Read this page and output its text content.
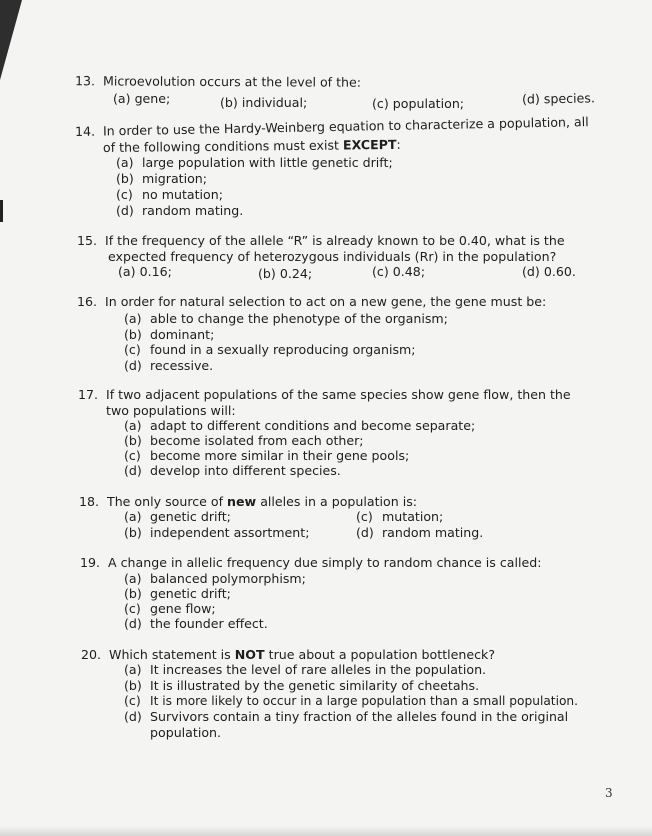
13. Microevolution occurs at the level of the:
(a) gene;	(b) individual;	(c) population;	(d) species.
14. In order to use the Hardy-Weinberg equation to characterize a population, all
of the following conditions must exist EXCEPT:
(a) large population with little genetic drift;
(b) migration;
(c) no mutation;
(d) random mating.
15. If the frequency of the allele “R” is already known to be 0.40, what is the
expected frequency of heterozygous individuals (Rr) in the population?
(a) 0.16;	(b) 0.24;	(c) 0.48;	(d) 0.60.
16. In order for natural selection to act on a new gene, the gene must be:
(a) able to change the phenotype of the organism;
(b) dominant;
(c) found in a sexually reproducing organism;
(d) recessive.
17. If two adjacent populations of the same species show gene flow, then the
two populations will:
(a) adapt to different conditions and become separate;
(b) become isolated from each other;
(c) become more similar in their gene pools;
(d) develop into different species.
18. The only source of new alleles in a population is:
(a) genetic drift;	(c) mutation;
(b) independent assortment;	(d) random mating.
19. A change in allelic frequency due simply to random chance is called:
(a) balanced polymorphism;
(b) genetic drift;
(c) gene flow;
(d) the founder effect.
20. Which statement is NOT true about a population bottleneck?
(a) It increases the level of rare alleles in the population.
(b) It is illustrated by the genetic similarity of cheetahs.
(c) It is more likely to occur in a large population than a small population.
(d) Survivors contain a tiny fraction of the alleles found in the original
population.
3
